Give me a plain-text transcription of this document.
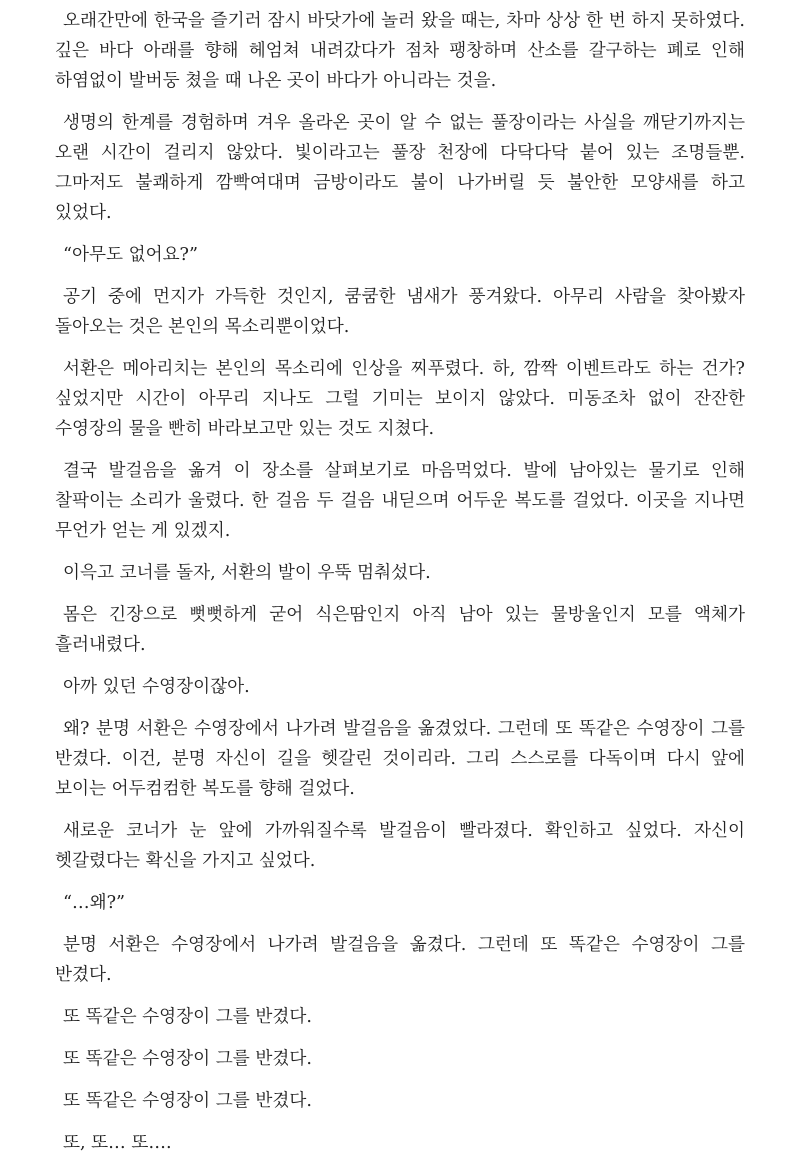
오래간만에 한국을 즐기러 잠시 바닷가에 놀러 왔을 때는, 차마 상상 한 번 하지 못하였다. 깊은 바다 아래를 향해 헤엄쳐 내려갔다가 점차 팽창하며 산소를 갈구하는 폐로 인해 하염없이 발버둥 쳤을 때 나온 곳이 바다가 아니라는 것을.

생명의 한계를 경험하며 겨우 올라온 곳이 알 수 없는 풀장이라는 사실을 깨닫기까지는 오랜 시간이 걸리지 않았다. 빛이라고는 풀장 천장에 다닥다닥 붙어 있는 조명들뿐. 그마저도 불쾌하게 깜빡여대며 금방이라도 불이 나가버릴 듯 불안한 모양새를 하고 있었다.

“아무도 없어요?”

공기 중에 먼지가 가득한 것인지, 쿰쿰한 냄새가 풍겨왔다. 아무리 사람을 찾아봤자 돌아오는 것은 본인의 목소리뿐이었다.

서환은 메아리치는 본인의 목소리에 인상을 찌푸렸다. 하, 깜짝 이벤트라도 하는 건가? 싶었지만 시간이 아무리 지나도 그럴 기미는 보이지 않았다. 미동조차 없이 잔잔한 수영장의 물을 빤히 바라보고만 있는 것도 지쳤다.

결국 발걸음을 옮겨 이 장소를 살펴보기로 마음먹었다. 발에 남아있는 물기로 인해 찰팍이는 소리가 울렸다. 한 걸음 두 걸음 내딛으며 어두운 복도를 걸었다. 이곳을 지나면 무언가 얻는 게 있겠지.

이윽고 코너를 돌자, 서환의 발이 우뚝 멈춰섰다.

몸은 긴장으로 뻣뻣하게 굳어 식은땀인지 아직 남아 있는 물방울인지 모를 액체가 흘러내렸다.

아까 있던 수영장이잖아.

왜? 분명 서환은 수영장에서 나가려 발걸음을 옮겼었다. 그런데 또 똑같은 수영장이 그를 반겼다. 이건, 분명 자신이 길을 헷갈린 것이리라. 그리 스스로를 다독이며 다시 앞에 보이는 어두컴컴한 복도를 향해 걸었다.

새로운 코너가 눈 앞에 가까워질수록 발걸음이 빨라졌다. 확인하고 싶었다. 자신이 헷갈렸다는 확신을 가지고 싶었다.

“…왜?”

분명 서환은 수영장에서 나가려 발걸음을 옮겼다. 그런데 또 똑같은 수영장이 그를 반겼다.

또 똑같은 수영장이 그를 반겼다.

또 똑같은 수영장이 그를 반겼다.

또 똑같은 수영장이 그를 반겼다.

또, 또… 또….
